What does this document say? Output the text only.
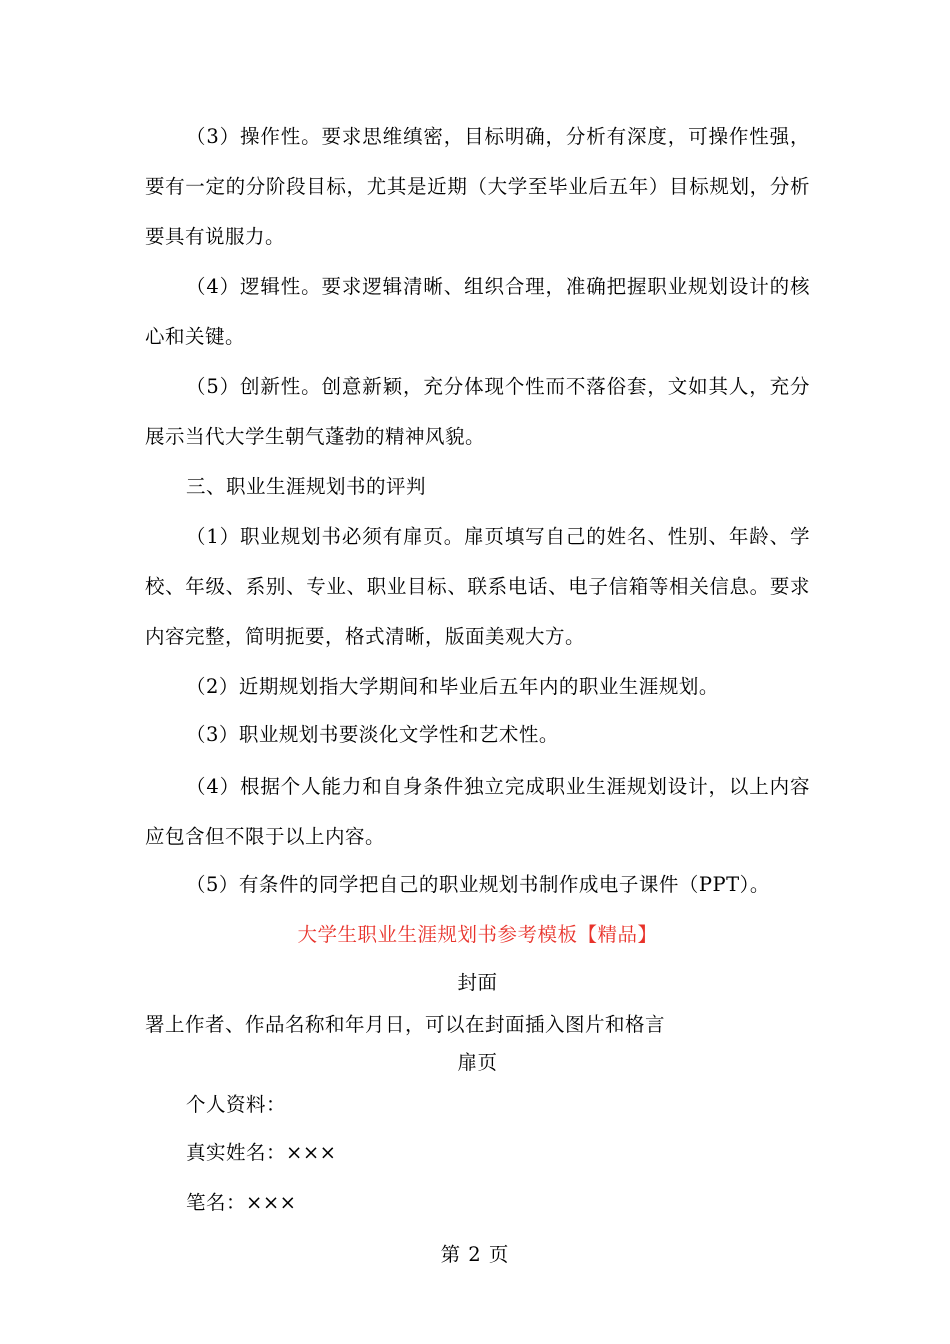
（3）操作性。要求思维缜密，目标明确，分析有深度，可操作性强，要有一定的分阶段目标，尤其是近期（大学至毕业后五年）目标规划，分析要具有说服力。

（4）逻辑性。要求逻辑清晰、组织合理，准确把握职业规划设计的核心和关键。

（5）创新性。创意新颖，充分体现个性而不落俗套，文如其人，充分展示当代大学生朝气蓬勃的精神风貌。

三、职业生涯规划书的评判

（1）职业规划书必须有扉页。扉页填写自己的姓名、性别、年龄、学校、年级、系别、专业、职业目标、联系电话、电子信箱等相关信息。要求内容完整，简明扼要，格式清晰，版面美观大方。

（2）近期规划指大学期间和毕业后五年内的职业生涯规划。

（3）职业规划书要淡化文学性和艺术性。

（4）根据个人能力和自身条件独立完成职业生涯规划设计，以上内容应包含但不限于以上内容。

（5）有条件的同学把自己的职业规划书制作成电子课件（PPT）。

大学生职业生涯规划书参考模板【精品】

封面

署上作者、作品名称和年月日，可以在封面插入图片和格言

扉页

个人资料：

真实姓名：×××

笔名：×××

第 2 页
